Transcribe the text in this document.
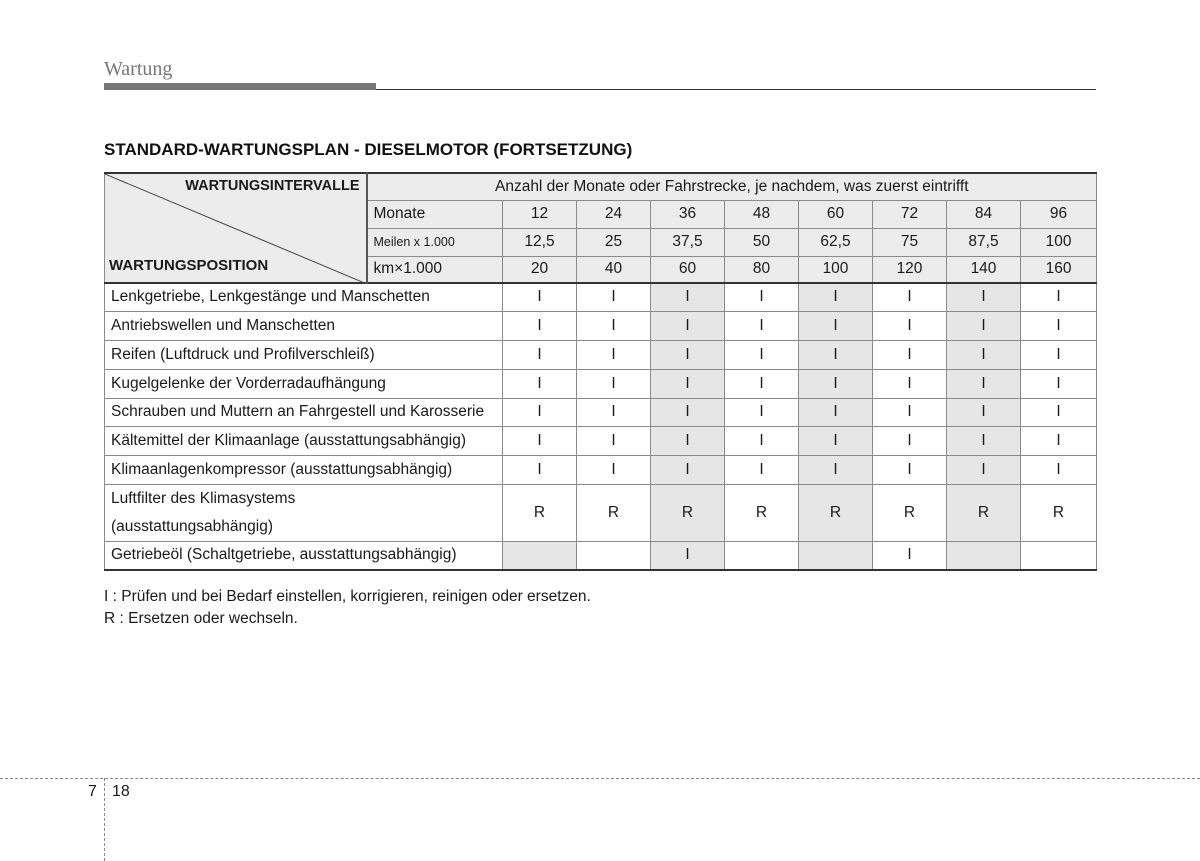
Wartung
STANDARD-WARTUNGSPLAN - DIESELMOTOR (FORTSETZUNG)
WARTUNGSINTERVALLE
WARTUNGSPOSITION	Anzahl der Monate oder Fahrstrecke, je nachdem, was zuerst eintrifft								
	Monate	12	24	36	48	60	72	84	96
	Meilen x 1.000	12,5	25	37,5	50	62,5	75	87,5	100
	km×1.000	20	40	60	80	100	120	140	160
Lenkgetriebe, Lenkgestänge und Manschetten		I	I	I	I	I	I	I	I
Antriebswellen und Manschetten		I	I	I	I	I	I	I	I
Reifen (Luftdruck und Profilverschleiß)		I	I	I	I	I	I	I	I
Kugelgelenke der Vorderradaufhängung		I	I	I	I	I	I	I	I
Schrauben und Muttern an Fahrgestell und Karosserie		I	I	I	I	I	I	I	I
Kältemittel der Klimaanlage (ausstattungsabhängig)		I	I	I	I	I	I	I	I
Klimaanlagenkompressor (ausstattungsabhängig)		I	I	I	I	I	I	I	I

Luftfilter des Klimasystems
(ausstattungsabhängig)		R	R	R	R	R	R	R	R
Getriebeöl (Schaltgetriebe, ausstattungsabhängig)				I			I		
I : Prüfen und bei Bedarf einstellen, korrigieren, reinigen oder ersetzen.
R : Ersetzen oder wechseln.
7 18
